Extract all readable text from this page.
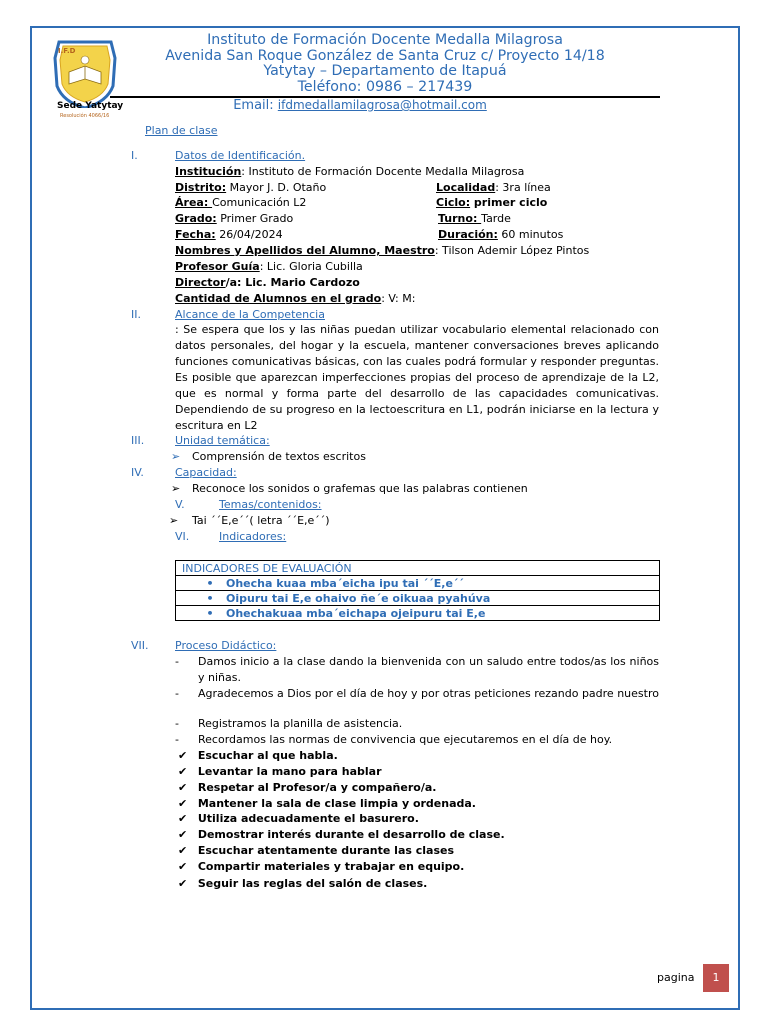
I.F.D
Sede Yatytay
Resolución 4066/16
Instituto de Formación Docente Medalla Milagrosa
Avenida San Roque González de Santa Cruz c/ Proyecto 14/18
Yatytay – Departamento de Itapuá
Teléfono: 0986 – 217439
Email: ifdmedallamilagrosa@hotmail.com
Plan de clase
I.	Datos de Identificación.
Institución: Instituto de Formación Docente Medalla Milagrosa
Distrito: Mayor J. D. Otaño	Localidad: 3ra línea
Área: Comunicación L2	Ciclo: primer ciclo
Grado: Primer Grado	Turno: Tarde
Fecha: 26/04/2024	Duración: 60 minutos
Nombres y Apellidos del Alumno, Maestro: Tilson Ademir López Pintos
Profesor Guía: Lic. Gloria Cubilla
Director/a: Lic. Mario Cardozo
Cantidad de Alumnos en el grado: V: M:
II.	Alcance de la Competencia
: Se espera que los y las niñas puedan utilizar vocabulario elemental relacionado con datos personales, del hogar y la escuela, mantener conversaciones breves aplicando funciones comunicativas básicas, con las cuales podrá formular y responder preguntas. Es posible que aparezcan imperfecciones propias del proceso de aprendizaje de la L2, que es normal y forma parte del desarrollo de las capacidades comunicativas. Dependiendo de su progreso en la lectoescritura en L1, podrán iniciarse en la lectura y escritura en L2
III.	Unidad temática:
➢ Comprensión de textos escritos
IV.	Capacidad:
➢ Reconoce los sonidos o grafemas que las palabras contienen
V.	Temas/contenidos:
➢ Tai ´´E,e´´( letra ´´E,e´´)
VI.	Indicadores:
INDICADORES DE EVALUACIÓN
• Ohecha kuaa mba´eicha ipu tai ´´E,e´´
• Oipuru tai E,e ohaivo ñe´e oikuaa pyahúva
• Ohechakuaa mba´eichapa ojeipuru tai E,e
VII. Proceso Didáctico:
- Damos inicio a la clase dando la bienvenida con un saludo entre todos/as los niños y niñas.
- Agradecemos a Dios por el día de hoy y por otras peticiones rezando padre nuestro
- Registramos la planilla de asistencia.
- Recordamos las normas de convivencia que ejecutaremos en el día de hoy.
✔ Escuchar al que habla.
✔ Levantar la mano para hablar
✔ Respetar al Profesor/a y compañero/a.
✔ Mantener la sala de clase limpia y ordenada.
✔ Utiliza adecuadamente el basurero.
✔ Demostrar interés durante el desarrollo de clase.
✔ Escuchar atentamente durante las clases
✔ Compartir materiales y trabajar en equipo.
✔ Seguir las reglas del salón de clases.
pagina	1
